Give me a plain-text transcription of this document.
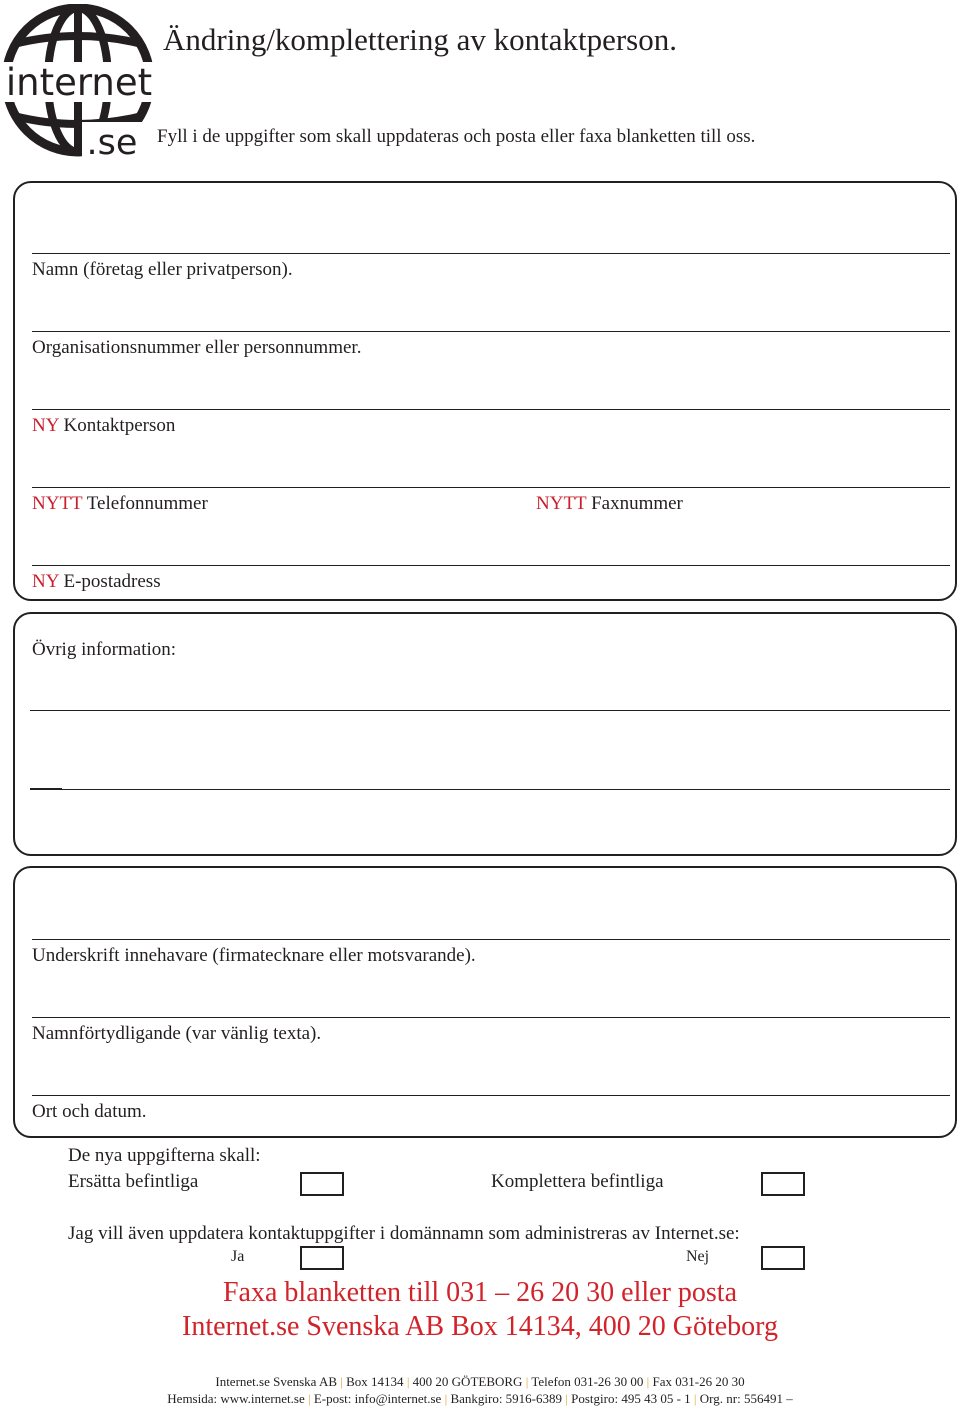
internet
.se
Ändring/komplettering av kontaktperson.
Fyll i de uppgifter som skall uppdateras och posta eller faxa blanketten till oss.
Namn (företag eller privatperson).
Organisationsnummer eller personnummer.
NY Kontaktperson
NYTT Telefonnummer	NYTT Faxnummer
NY E-postadress
Övrig information:
Underskrift innehavare (firmatecknare eller motsvarande).
Namnförtydligande (var vänlig texta).
Ort och datum.
De nya uppgifterna skall:
Ersätta befintliga	Komplettera befintliga
Jag vill även uppdatera kontaktuppgifter i domännamn som administreras av Internet.se:
Ja	Nej
Faxa blanketten till 031 – 26 20 30 eller posta
Internet.se Svenska AB Box 14134, 400 20 Göteborg
Internet.se Svenska AB | Box 14134 | 400 20 GÖTEBORG | Telefon 031-26 30 00 | Fax 031-26 20 30
Hemsida: www.internet.se | E-post: info@internet.se | Bankgiro: 5916-6389 | Postgiro: 495 43 05 - 1 | Org. nr: 556491 –
